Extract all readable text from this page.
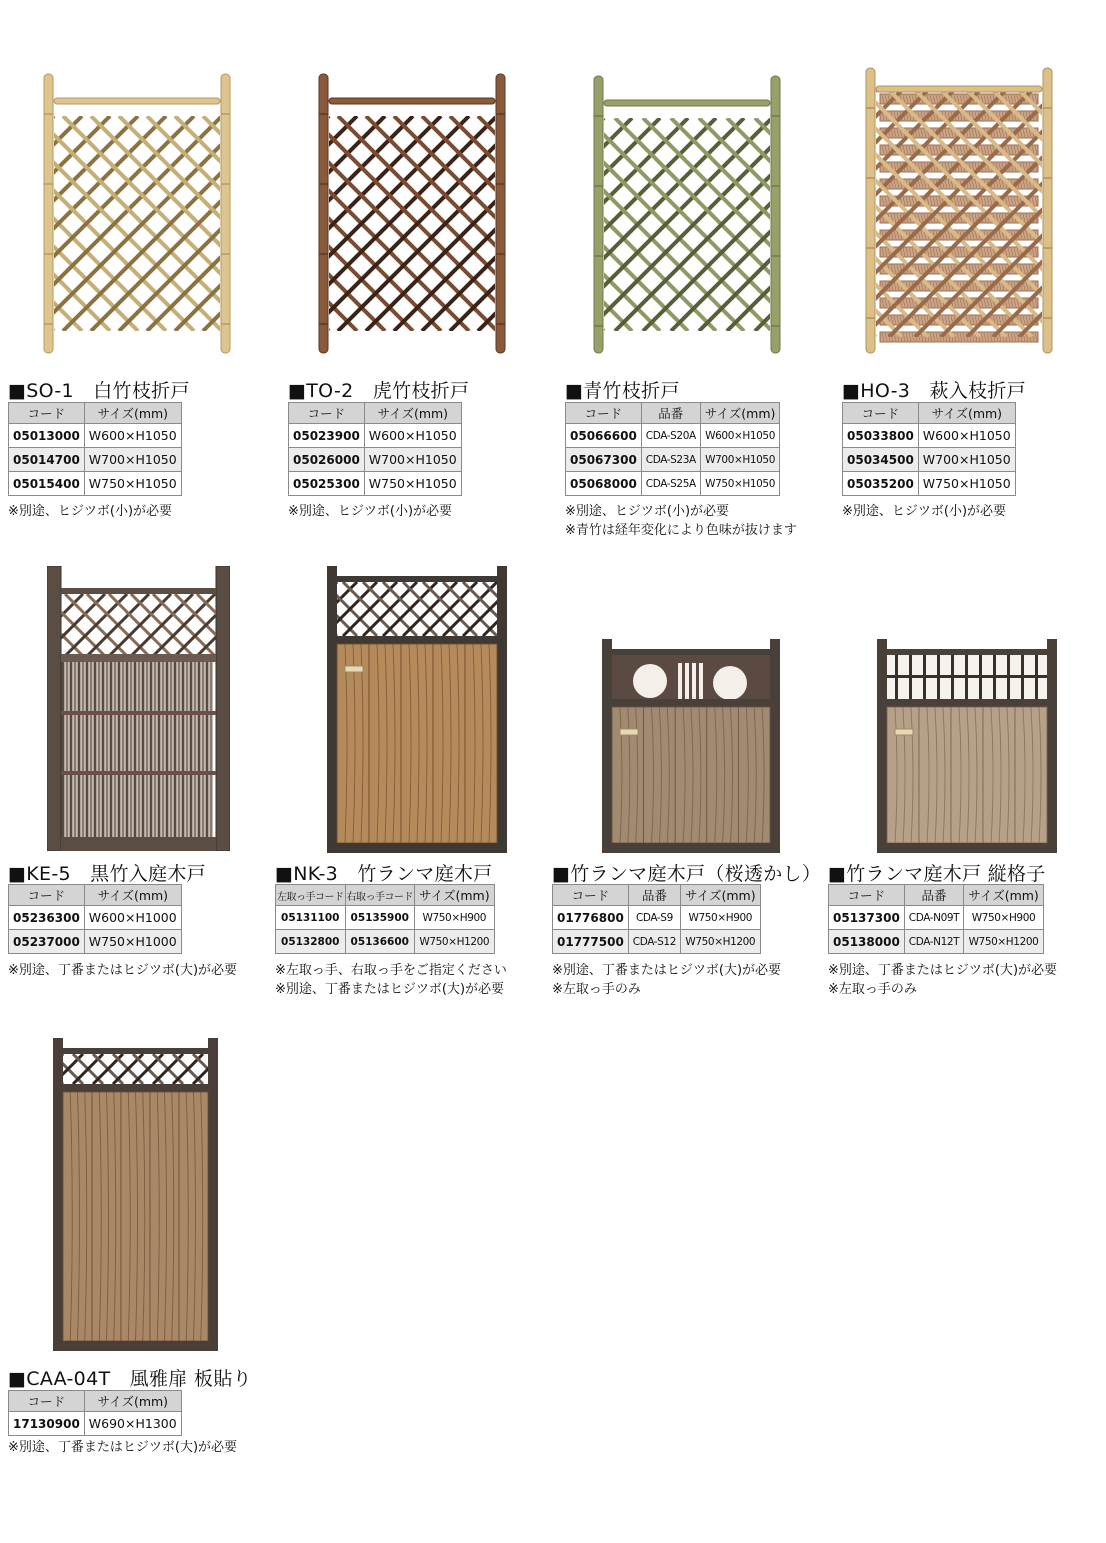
■SO-1　白竹枝折戸
コード	サイズ(mm)
05013000	W600×H1050
05014700	W700×H1050
05015400	W750×H1050
※別途、ヒジツボ(小)が必要
■TO-2　虎竹枝折戸
コード	サイズ(mm)
05023900	W600×H1050
05026000	W700×H1050
05025300	W750×H1050
※別途、ヒジツボ(小)が必要
■青竹枝折戸
コード	品番	サイズ(mm)
05066600	CDA-S20A	W600×H1050
05067300	CDA-S23A	W700×H1050
05068000	CDA-S25A	W750×H1050
※別途、ヒジツボ(小)が必要
※青竹は経年変化により色味が抜けます
■HO-3　萩入枝折戸
コード	サイズ(mm)
05033800	W600×H1050
05034500	W700×H1050
05035200	W750×H1050
※別途、ヒジツボ(小)が必要
■KE-5　黒竹入庭木戸
コード	サイズ(mm)
05236300	W600×H1000
05237000	W750×H1000
※別途、丁番またはヒジツボ(大)が必要
■NK-3　竹ランマ庭木戸
左取っ手コード	右取っ手コード	サイズ(mm)
05131100	05135900	W750×H900
05132800	05136600	W750×H1200
※左取っ手、右取っ手をご指定ください
※別途、丁番またはヒジツボ(大)が必要
■竹ランマ庭木戸（桜透かし）
コード	品番	サイズ(mm)
01776800	CDA-S9	W750×H900
01777500	CDA-S12	W750×H1200
※別途、丁番またはヒジツボ(大)が必要
※左取っ手のみ
■竹ランマ庭木戸 縦格子
コード	品番	サイズ(mm)
05137300	CDA-N09T	W750×H900
05138000	CDA-N12T	W750×H1200
※別途、丁番またはヒジツボ(大)が必要
※左取っ手のみ
■CAA-04T　風雅扉 板貼り
コード	サイズ(mm)
17130900	W690×H1300
※別途、丁番またはヒジツボ(大)が必要
